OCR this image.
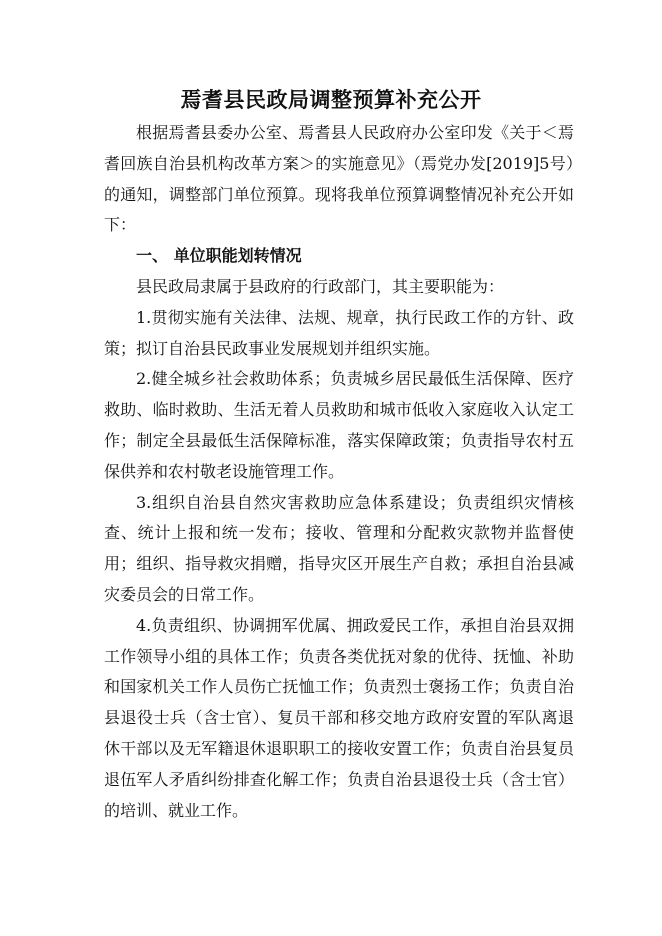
焉耆县民政局调整预算补充公开

根据焉耆县委办公室、焉耆县人民政府办公室印发《关于＜焉耆回族自治县机构改革方案＞的实施意见》（焉党办发[2019]5号）的通知，调整部门单位预算。现将我单位预算调整情况补充公开如下：

一、 单位职能划转情况

县民政局隶属于县政府的行政部门，其主要职能为：

1.贯彻实施有关法律、法规、规章，执行民政工作的方针、政策；拟订自治县民政事业发展规划并组织实施。

2.健全城乡社会救助体系；负责城乡居民最低生活保障、医疗救助、临时救助、生活无着人员救助和城市低收入家庭收入认定工作；制定全县最低生活保障标准，落实保障政策；负责指导农村五保供养和农村敬老设施管理工作。

3.组织自治县自然灾害救助应急体系建设；负责组织灾情核查、统计上报和统一发布；接收、管理和分配救灾款物并监督使用；组织、指导救灾捐赠，指导灾区开展生产自救；承担自治县减灾委员会的日常工作。

4.负责组织、协调拥军优属、拥政爱民工作，承担自治县双拥工作领导小组的具体工作；负责各类优抚对象的优待、抚恤、补助和国家机关工作人员伤亡抚恤工作；负责烈士褒扬工作；负责自治县退役士兵（含士官）、复员干部和移交地方政府安置的军队离退休干部以及无军籍退休退职职工的接收安置工作；负责自治县复员退伍军人矛盾纠纷排查化解工作；负责自治县退役士兵（含士官）的培训、就业工作。
